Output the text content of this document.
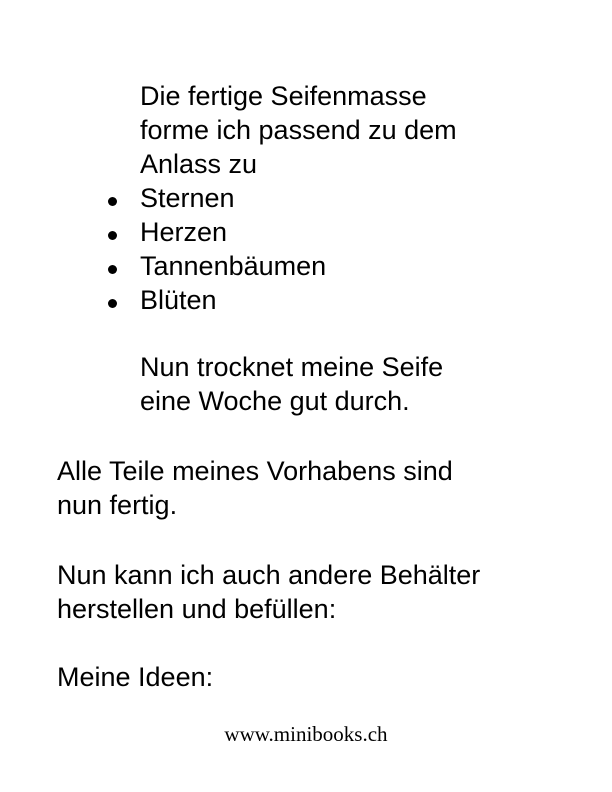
Die fertige Seifenmasse
forme ich passend zu dem
Anlass zu
Sternen
Herzen
Tannenbäumen
Blüten
Nun trocknet meine Seife
eine Woche gut durch.
Alle Teile meines Vorhabens sind
nun fertig.
Nun kann ich auch andere Behälter
herstellen und befüllen:
Meine Ideen:
www.minibooks.ch
